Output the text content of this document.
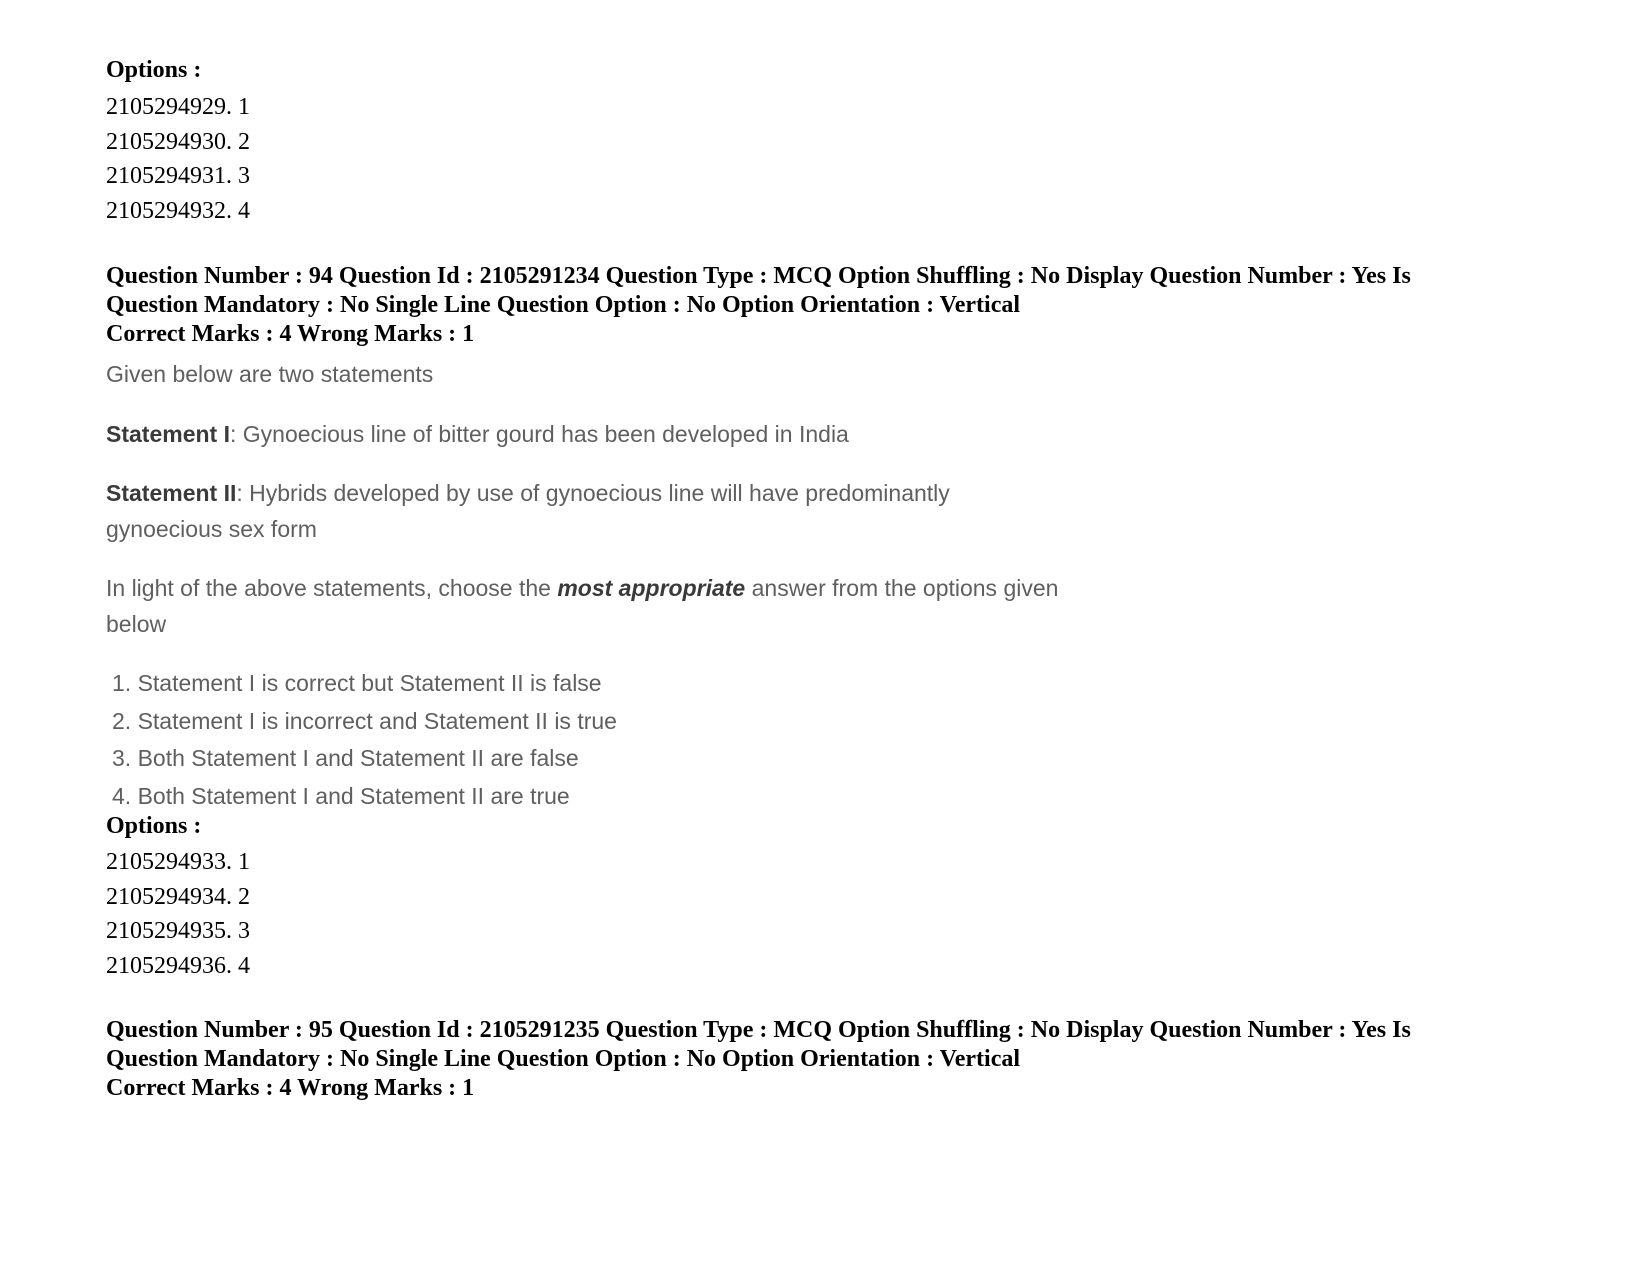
Options :
2105294929. 1
2105294930. 2
2105294931. 3
2105294932. 4
Question Number : 94 Question Id : 2105291234 Question Type : MCQ Option Shuffling : No Display Question Number : Yes Is
Question Mandatory : No Single Line Question Option : No Option Orientation : Vertical
Correct Marks : 4 Wrong Marks : 1
Given below are two statements
Statement I: Gynoecious line of bitter gourd has been developed in India
Statement II: Hybrids developed by use of gynoecious line will have predominantly
gynoecious sex form
In light of the above statements, choose the most appropriate answer from the options given
below
1. Statement I is correct but Statement II is false
2. Statement I is incorrect and Statement II is true
3. Both Statement I and Statement II are false
4. Both Statement I and Statement II are true
Options :
2105294933. 1
2105294934. 2
2105294935. 3
2105294936. 4
Question Number : 95 Question Id : 2105291235 Question Type : MCQ Option Shuffling : No Display Question Number : Yes Is
Question Mandatory : No Single Line Question Option : No Option Orientation : Vertical
Correct Marks : 4 Wrong Marks : 1
